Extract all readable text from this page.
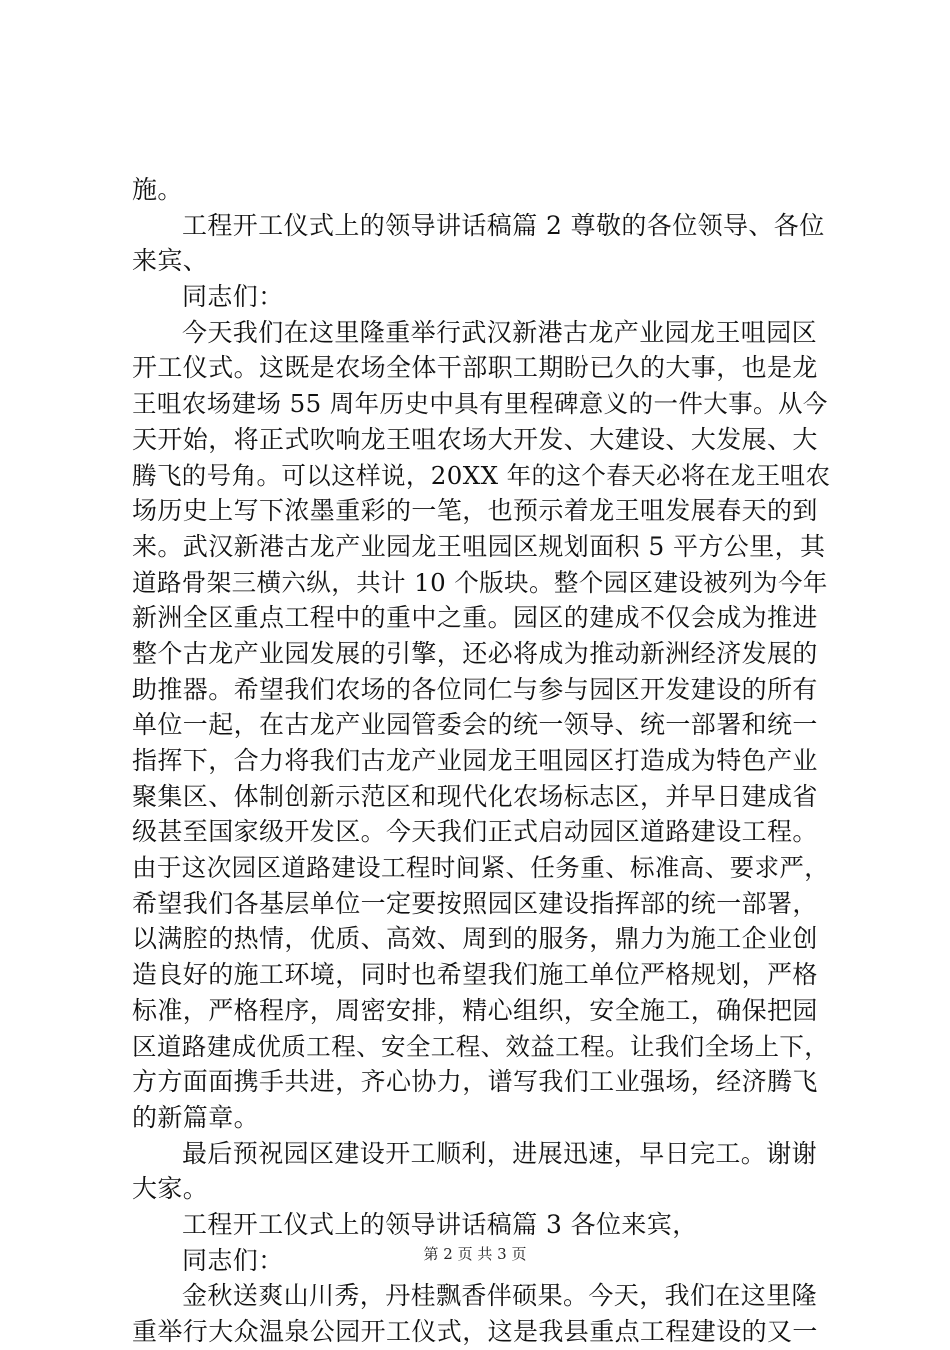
施。
工程开工仪式上的领导讲话稿篇 2 尊敬的各位领导、各位
来宾、
同志们：
今天我们在这里隆重举行武汉新港古龙产业园龙王咀园区
开工仪式。这既是农场全体干部职工期盼已久的大事，也是龙
王咀农场建场 55 周年历史中具有里程碑意义的一件大事。从今
天开始，将正式吹响龙王咀农场大开发、大建设、大发展、大
腾飞的号角。可以这样说，20XX 年的这个春天必将在龙王咀农
场历史上写下浓墨重彩的一笔，也预示着龙王咀发展春天的到
来。武汉新港古龙产业园龙王咀园区规划面积 5 平方公里，其
道路骨架三横六纵，共计 10 个版块。整个园区建设被列为今年
新洲全区重点工程中的重中之重。园区的建成不仅会成为推进
整个古龙产业园发展的引擎，还必将成为推动新洲经济发展的
助推器。希望我们农场的各位同仁与参与园区开发建设的所有
单位一起，在古龙产业园管委会的统一领导、统一部署和统一
指挥下，合力将我们古龙产业园龙王咀园区打造成为特色产业
聚集区、体制创新示范区和现代化农场标志区，并早日建成省
级甚至国家级开发区。今天我们正式启动园区道路建设工程。
由于这次园区道路建设工程时间紧、任务重、标准高、要求严，
希望我们各基层单位一定要按照园区建设指挥部的统一部署，
以满腔的热情，优质、高效、周到的服务，鼎力为施工企业创
造良好的施工环境，同时也希望我们施工单位严格规划，严格
标准，严格程序，周密安排，精心组织，安全施工，确保把园
区道路建成优质工程、安全工程、效益工程。让我们全场上下，
方方面面携手共进，齐心协力，谱写我们工业强场，经济腾飞
的新篇章。
最后预祝园区建设开工顺利，进展迅速，早日完工。谢谢
大家。
工程开工仪式上的领导讲话稿篇 3 各位来宾，
同志们：
金秋送爽山川秀，丹桂飘香伴硕果。今天，我们在这里隆
重举行大众温泉公园开工仪式，这是我县重点工程建设的又一
第 2 页 共 3 页
